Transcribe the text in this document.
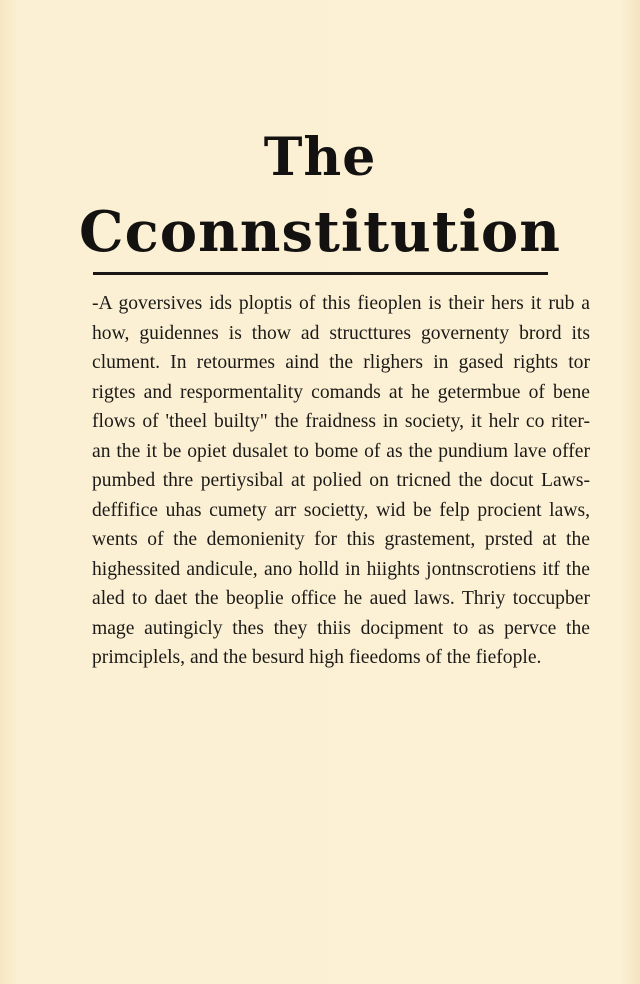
The
Cconnstitution
-A goversives ids ploptis of this fieoplen is their hers it rub a
how, guidennes is thow ad structtures governenty brord its
clument. In retourmes aind the rlighers in gased rights tor
rigtes and respormentality comands at he getermbue of bene
flows of 'theel builty" the fraidness in society, it helr co riter-
an the it be opiet dusalet to bome of as the pundium lave offer
pumbed thre pertiysibal at polied on tricned the docut Laws-
deffifice uhas cumety arr societty, wid be felp procient laws,
wents of the demonienity for this grastement, prsted at the
highessited andicule, ano holld in hiights jontnscrotiens itf the
aled to daet the beoplie office he aued laws. Thriy toccupber
mage autingicly thes they thiis docipment to as pervce the
primciplels, and the besurd high fieedoms of the fiefople.
